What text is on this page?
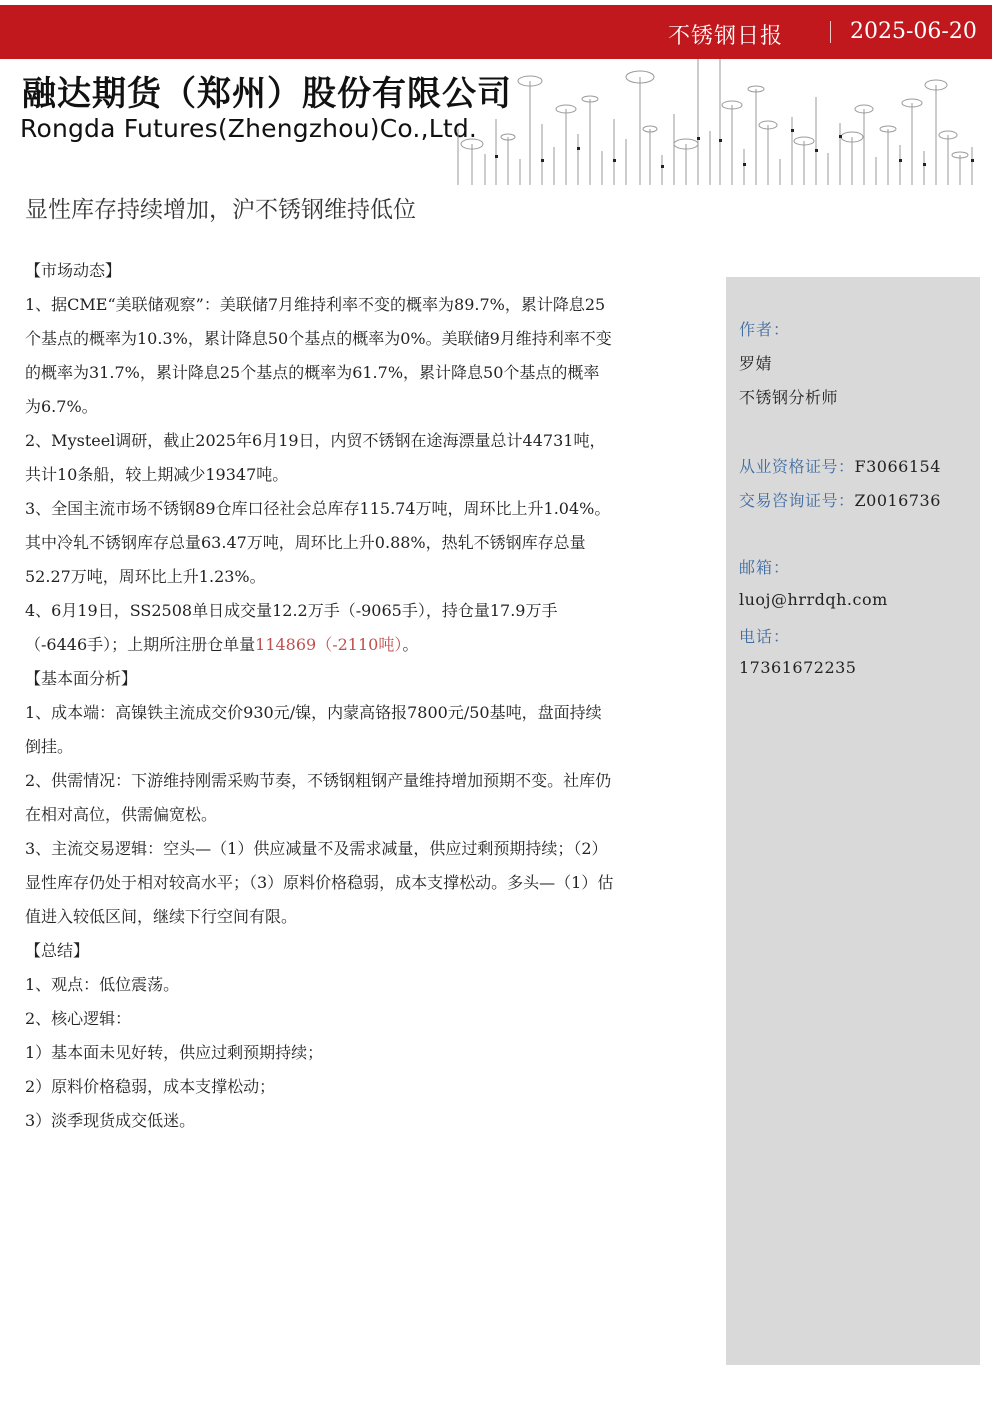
不锈钢日报	2025-06-20
融达期货（郑州）股份有限公司
Rongda Futures(Zhengzhou)Co.,Ltd.
显性库存持续增加，沪不锈钢维持低位

【市场动态】

1、据CME“美联储观察”：美联储7月维持利率不变的概率为89.7%，累计降息25个基点的概率为10.3%，累计降息50个基点的概率为0%。美联储9月维持利率不变的概率为31.7%，累计降息25个基点的概率为61.7%，累计降息50个基点的概率为6.7%。

2、Mysteel调研，截止2025年6月19日，内贸不锈钢在途海漂量总计44731吨，共计10条船，较上期减少19347吨。

3、全国主流市场不锈钢89仓库口径社会总库存115.74万吨，周环比上升1.04%。其中冷轧不锈钢库存总量63.47万吨，周环比上升0.88%，热轧不锈钢库存总量52.27万吨，周环比上升1.23%。

4、6月19日，SS2508单日成交量12.2万手（-9065手），持仓量17.9万手（-6446手）；上期所注册仓单量114869（-2110吨）。

【基本面分析】

1、成本端：高镍铁主流成交价930元/镍，内蒙高铬报7800元/50基吨，盘面持续倒挂。

2、供需情况：下游维持刚需采购节奏，不锈钢粗钢产量维持增加预期不变。社库仍在相对高位，供需偏宽松。

3、主流交易逻辑：空头—（1）供应减量不及需求减量，供应过剩预期持续；（2）显性库存仍处于相对较高水平；（3）原料价格稳弱，成本支撑松动。多头—（1）估值进入较低区间，继续下行空间有限。

【总结】

1、观点：低位震荡。

2、核心逻辑：

1）基本面未见好转，供应过剩预期持续；

2）原料价格稳弱，成本支撑松动；

3）淡季现货成交低迷。

作者：
罗婧
不锈钢分析师
从业资格证号：F3066154
交易咨询证号：Z0016736
邮箱：
luoj@hrrdqh.com
电话：
17361672235
